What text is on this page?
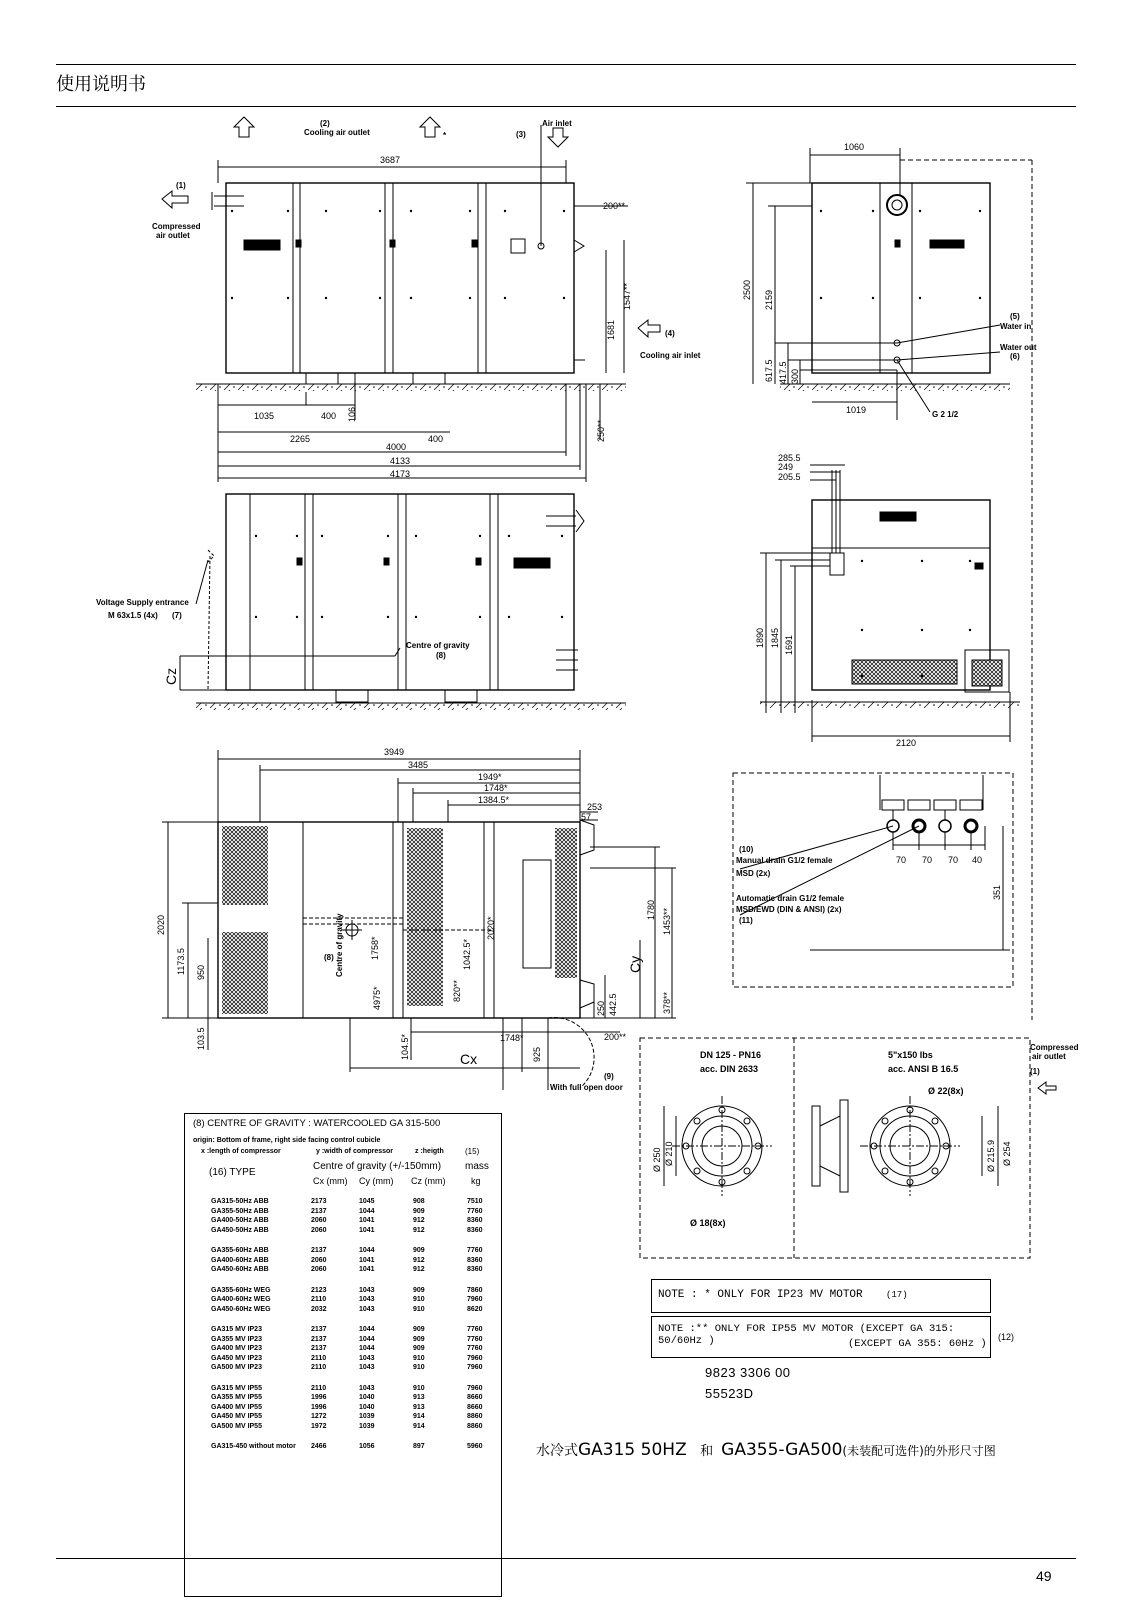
使用说明书
(2)
Cooling air outlet	*	(3)
Air inlet
(1)
Compressed
air outlet
(4)
Cooling air inlet
(5)
Water in
Water out
(6)
G 2 1/2
Voltage Supply entrance
M 63x1.5 (4x) (7)
Centre of gravity
(8)
(10)
Manual drain G1/2 female
MSD (2x)
Automatic drain G1/2 female
MSD/EWD (DIN & ANSI) (2x)
(11)
(9)
With full open door
Compressed
air outlet
(1)
Cz
Cx
Cy
Centre of gravity
(8)
3687
200**
1547**
1681
1035	400 106
2265	400
4000
4133
4173
250**
1060
2500 2159
617.5 417.5 300
1019
285.5
249
205.5
1890 1845 1691
2120
3949
3485
1949*
1748*
1384.5*
253
57
2020
1173.5 950
103.5
1758*
4975*
2020*
1042.5*
820**
1780 1453**
250 442.5	378**
1748*	200**
104.5*	925
70 70 70 40
351
DN 125 - PN16
acc. DIN 2633
Ø 250 Ø 210
Ø 18(8x)
5"x150 lbs
acc. ANSI B 16.5
Ø 22(8x)
Ø 215.9 Ø 254
NOTE : * ONLY FOR IP23 MV MOTOR	(17)
NOTE :** ONLY FOR IP55 MV MOTOR (EXCEPT GA 315: 50/60Hz )	(EXCEPT GA 355: 60Hz )
(12)
9823 3306 00
55523D
(8) CENTRE OF GRAVITY : WATERCOOLED GA 315-500
origin: Bottom of frame, right side facing control cubicle
x :length of compressor	y :width of compressor	z :heigth	(15)
Centre of gravity (+/-150mm) mass
(16) TYPE
Cx (mm) Cy (mm) Cz (mm)	kg
GA315-50Hz ABB	2173	1045	908	7510
GA355-50Hz ABB	2137	1044	909	7760
GA400-50Hz ABB	2060	1041	912	8360
GA450-50Hz ABB	2060	1041	912	8360
GA355-60Hz ABB	2137	1044	909	7760
GA400-60Hz ABB	2060	1041	912	8360
GA450-60Hz ABB	2060	1041	912	8360
GA355-60Hz WEG	2123	1043	909	7860
GA400-60Hz WEG	2110	1043	910	7960
GA450-60Hz WEG	2032	1043	910	8620
GA315 MV IP23	2137	1044	909	7760
GA355 MV IP23	2137	1044	909	7760
GA400 MV IP23	2137	1044	909	7760
GA450 MV IP23	2110	1043	910	7960
GA500 MV IP23	2110	1043	910	7960
GA315 MV IP55	2110	1043	910	7960
GA355 MV IP55	1996	1040	913	8660
GA400 MV IP55	1996	1040	913	8660
GA450 MV IP55	1272	1039	914	8860
GA500 MV IP55	1972	1039	914	8860
GA315-450 without motor 2466	1056	897	5960	水冷式GA315 50HZ 和 GA355-GA500(未装配可选件)的外形尺寸图
49
